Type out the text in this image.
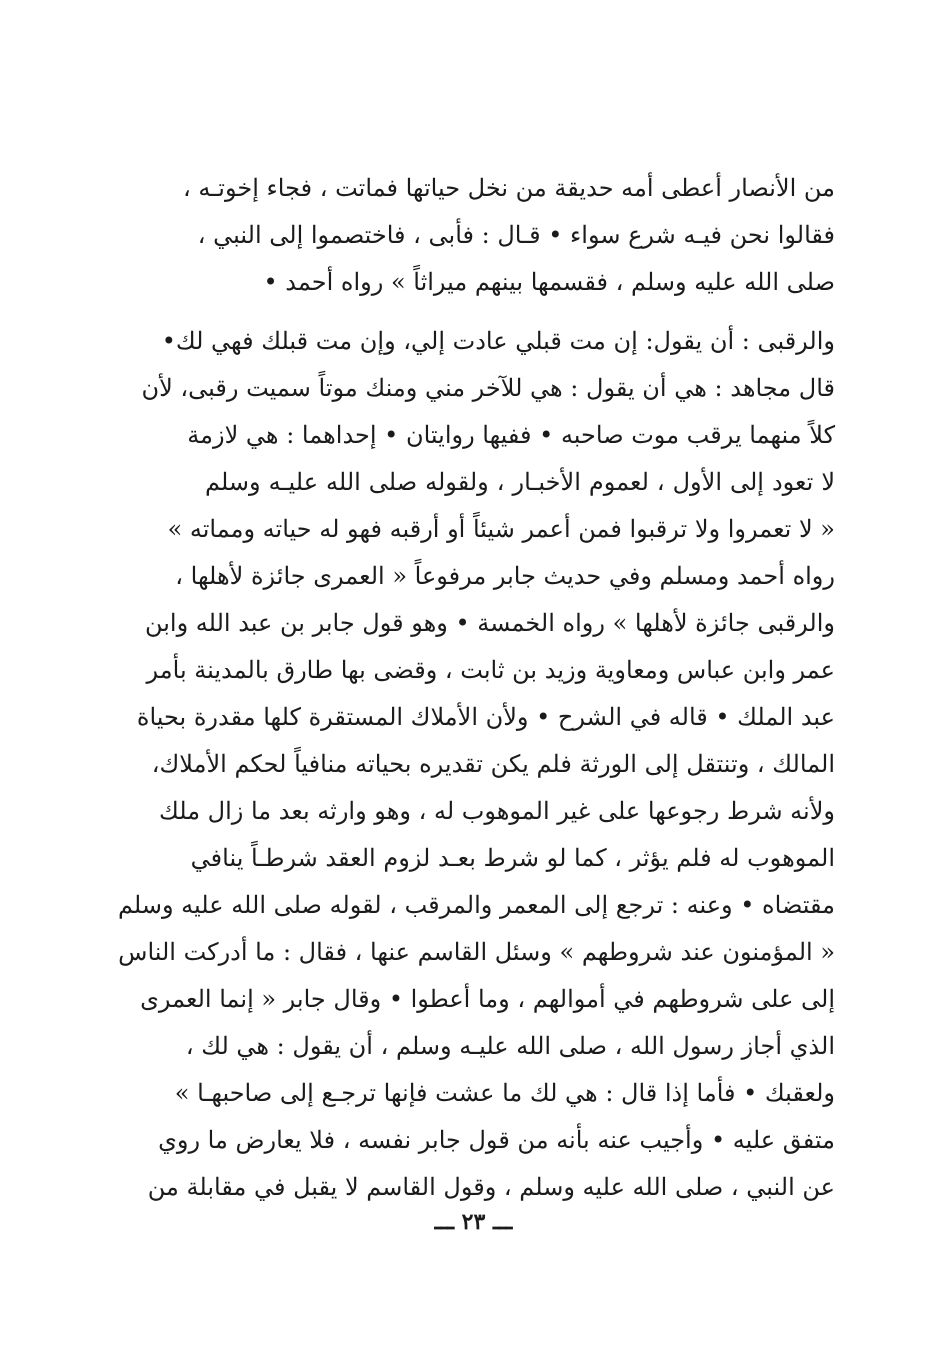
من الأنصار أعطى أمه حديقة من نخل حياتها فماتت ، فجاء إخوتـه ،
فقالوا نحن فيـه شرع سواء • قـال : فأبى ، فاختصموا إلى النبي ،
صلى الله عليه وسلم ، فقسمها بينهم ميراثاً » رواه أحمد •
والرقبى : أن يقول: إن مت قبلي عادت إلي، وإن مت قبلك فهي لك•
قال مجاهد : هي أن يقول : هي للآخر مني ومنك موتاً سميت رقبى، لأن
كلاً منهما يرقب موت صاحبه • ففيها روايتان • إحداهما : هي لازمة
لا تعود إلى الأول ، لعموم الأخبـار ، ولقوله صلى الله عليـه وسلم
« لا تعمروا ولا ترقبوا فمن أعمر شيئاً أو أرقبه فهو له حياته ومماته »
رواه أحمد ومسلم وفي حديث جابر مرفوعاً « العمرى جائزة لأهلها ،
والرقبى جائزة لأهلها » رواه الخمسة • وهو قول جابر بن عبد الله وابن
عمر وابن عباس ومعاوية وزيد بن ثابت ، وقضى بها طارق بالمدينة بأمر
عبد الملك • قاله في الشرح • ولأن الأملاك المستقرة كلها مقدرة بحياة
المالك ، وتنتقل إلى الورثة فلم يكن تقديره بحياته منافياً لحكم الأملاك،
ولأنه شرط رجوعها على غير الموهوب له ، وهو وارثه بعد ما زال ملك
الموهوب له فلم يؤثر ، كما لو شرط بعـد لزوم العقد شرطـاً ينافي
مقتضاه • وعنه : ترجع إلى المعمر والمرقب ، لقوله صلى الله عليه وسلم
« المؤمنون عند شروطهم » وسئل القاسم عنها ، فقال : ما أدركت الناس
إلى على شروطهم في أموالهم ، وما أعطوا • وقال جابر « إنما العمرى
الذي أجاز رسول الله ، صلى الله عليـه وسلم ، أن يقول : هي لك ،
ولعقبك • فأما إذا قال : هي لك ما عشت فإنها ترجـع إلى صاحبهـا »
متفق عليه • وأجيب عنه بأنه من قول جابر نفسه ، فلا يعارض ما روي
عن النبي ، صلى الله عليه وسلم ، وقول القاسم لا يقبل في مقابلة من
ـــ ٢٣ ـــ
